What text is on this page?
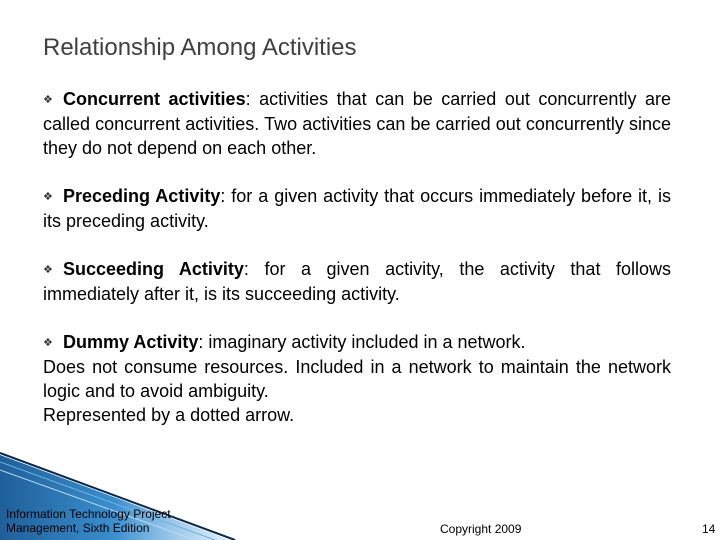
Relationship Among Activities

❖ Concurrent activities: activities that can be carried out concurrently are called concurrent activities. Two activities can be carried out concurrently since they do not depend on each other.

❖ Preceding Activity: for a given activity that occurs immediately before it, is its preceding activity.

❖ Succeeding Activity: for a given activity, the activity that follows immediately after it, is its succeeding activity.

❖ Dummy Activity: imaginary activity included in a network.
Does not consume resources. Included in a network to maintain the network logic and to avoid ambiguity.
Represented by a dotted arrow.
Information Technology Project Management, Sixth Edition	Copyright 2009	14
